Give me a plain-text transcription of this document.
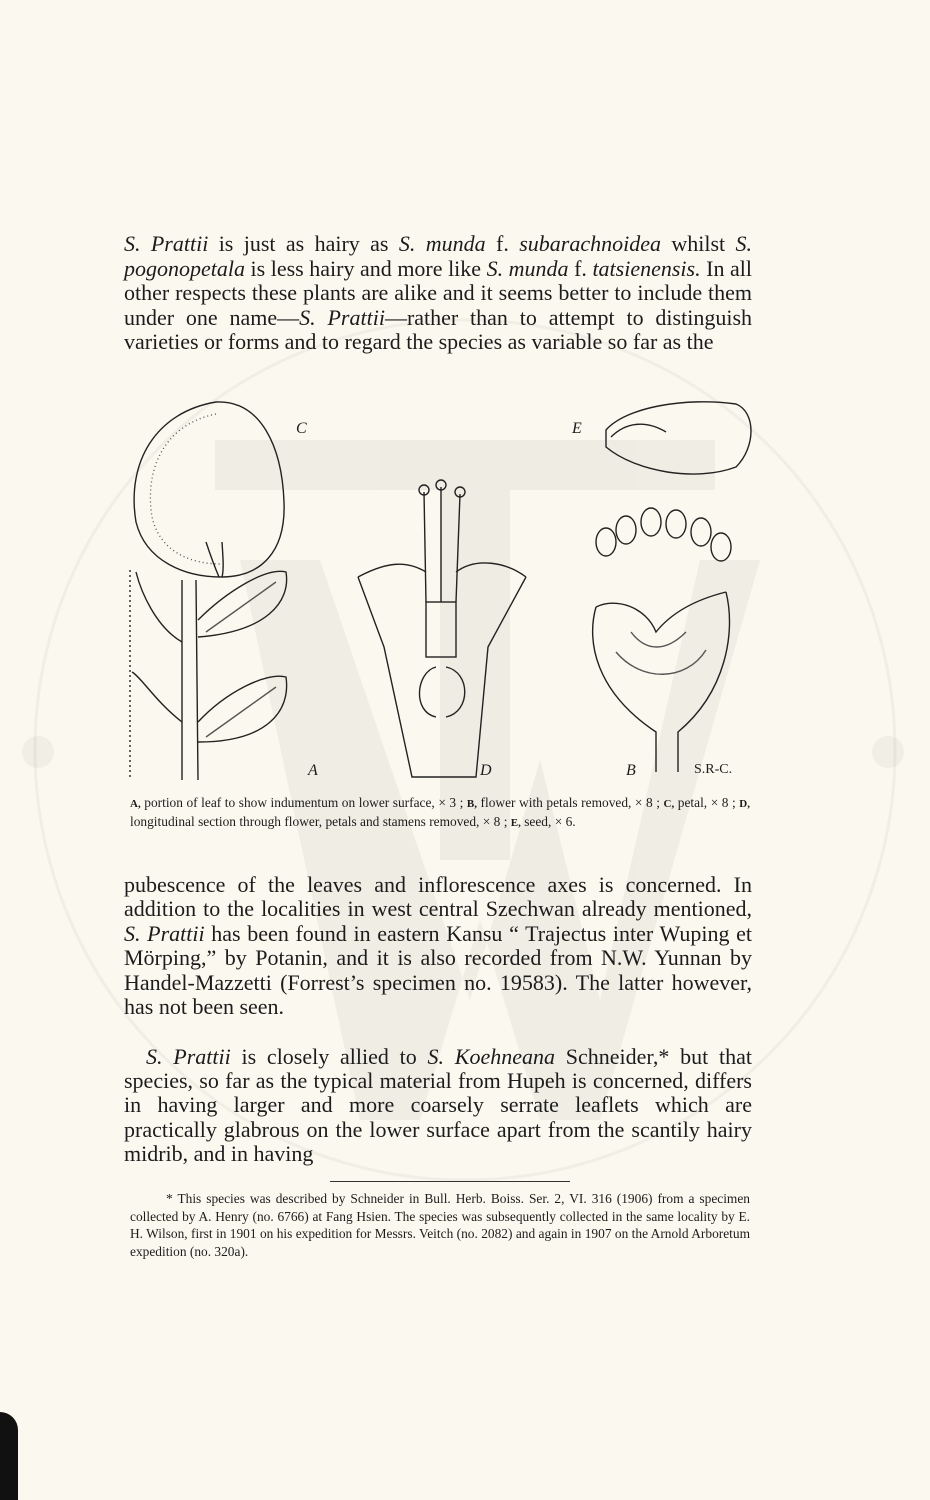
S. Prattii is just as hairy as S. munda f. subarachnoidea whilst S. pogonopetala is less hairy and more like S. munda f. tatsienensis. In all other respects these plants are alike and it seems better to include them under one name—S. Prattii—rather than to attempt to distinguish varieties or forms and to regard the species as variable so far as the

C	E
A	D	B	S.R-C.

A, portion of leaf to show indumentum on lower surface, × 3 ; B, flower with petals removed, × 8 ; C, petal, × 8 ; D, longitudinal section through flower, petals and stamens removed, × 8 ; E, seed, × 6.

pubescence of the leaves and inflorescence axes is concerned. In addition to the localities in west central Szechwan already mentioned, S. Prattii has been found in eastern Kansu “ Trajectus inter Wuping et Mörping,” by Potanin, and it is also recorded from N.W. Yunnan by Handel-Mazzetti (Forrest’s specimen no. 19583). The latter however, has not been seen.

S. Prattii is closely allied to S. Koehneana Schneider,* but that species, so far as the typical material from Hupeh is concerned, differs in having larger and more coarsely serrate leaflets which are practically glabrous on the lower surface apart from the scantily hairy midrib, and in having

* This species was described by Schneider in Bull. Herb. Boiss. Ser. 2, VI. 316 (1906) from a specimen collected by A. Henry (no. 6766) at Fang Hsien. The species was subsequently collected in the same locality by E. H. Wilson, first in 1901 on his expedition for Messrs. Veitch (no. 2082) and again in 1907 on the Arnold Arboretum expedition (no. 320a).
